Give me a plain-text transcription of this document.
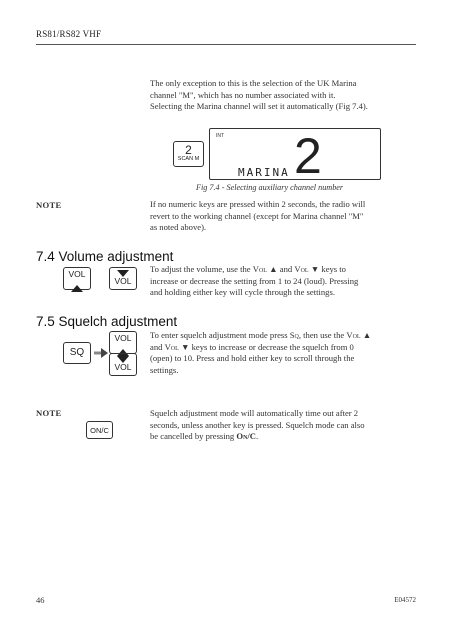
RS81/RS82 VHF
The only exception to this is the selection of the UK Marina
channel "M", which has no number associated with it.
Selecting the Marina channel will set it automatically (Fig 7.4).
2
SCAN M
INT 2
MARINA
Fig 7.4 - Selecting auxiliary channel number
NOTE	If no numeric keys are pressed within 2 seconds, the radio will
revert to the working channel (except for Marina channel "M"
as noted above).
7.4 Volume adjustment
VOL
VOL
To adjust the volume, use the Vol ▲ and Vol ▼ keys to
increase or decrease the setting from 1 to 24 (loud). Pressing
and holding either key will cycle through the settings.
7.5 Squelch adjustment
SQ
VOL
VOL
To enter squelch adjustment mode press Sq, then use the Vol ▲
and Vol ▼ keys to increase or decrease the squelch from 0
(open) to 10. Press and hold either key to scroll through the
settings.
NOTE
ON/C
Squelch adjustment mode will automatically time out after 2
seconds, unless another key is pressed. Squelch mode can also
be cancelled by pressing On/C.
46	E04572
